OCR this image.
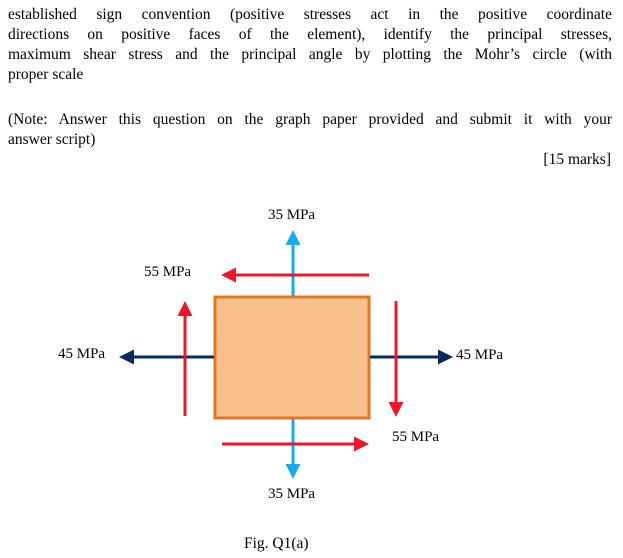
established sign convention (positive stresses act in the positive coordinate
directions on positive faces of the element), identify the principal stresses,
maximum shear stress and the principal angle by plotting the Mohr’s circle (with
proper scale
(Note: Answer this question on the graph paper provided and submit it with your
answer script)
[15 marks]
35 MPa
35 MPa
45 MPa	45 MPa
55 MPa
55 MPa
Fig. Q1(a)
